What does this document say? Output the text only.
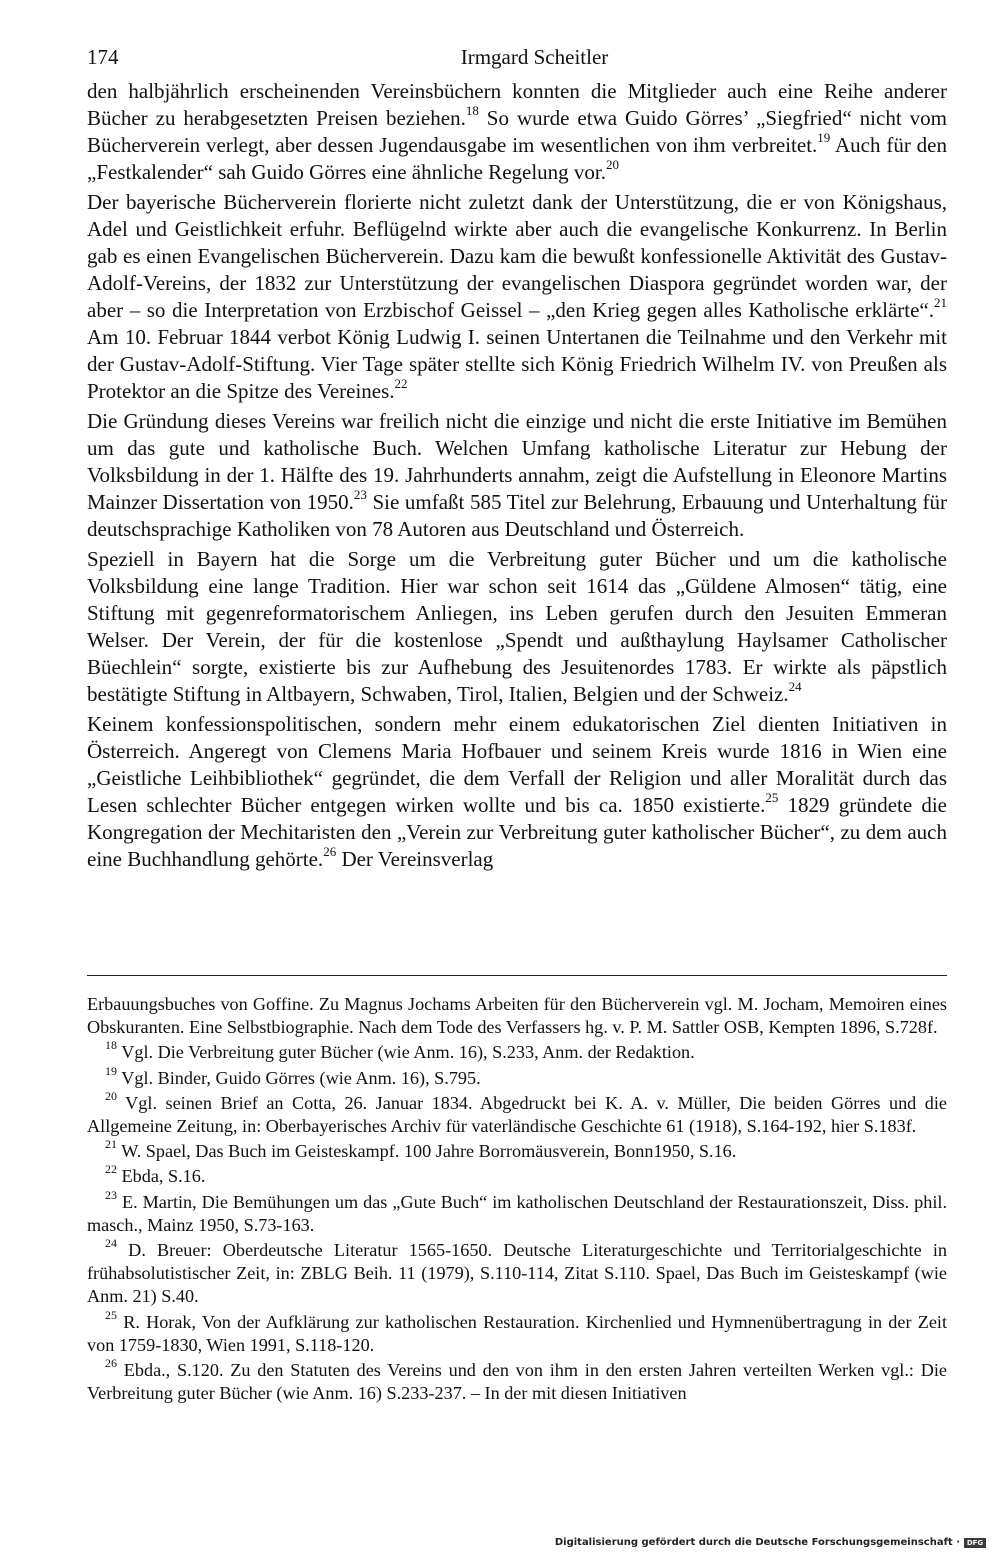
174	Irmgard Scheitler

den halbjährlich erscheinenden Vereinsbüchern konnten die Mitglieder auch eine Reihe anderer Bücher zu herabgesetzten Preisen beziehen.$^{18}$ So wurde etwa Guido Görres’ „Siegfried“ nicht vom Bücherverein verlegt, aber dessen Jugendausgabe im wesentlichen von ihm verbreitet.$^{19}$ Auch für den „Festkalender“ sah Guido Görres eine ähnliche Regelung vor.$^{20}$

Der bayerische Bücherverein florierte nicht zuletzt dank der Unterstützung, die er von Königshaus, Adel und Geistlichkeit erfuhr. Beflügelnd wirkte aber auch die evangelische Konkurrenz. In Berlin gab es einen Evangelischen Bücherverein. Dazu kam die bewußt konfessionelle Aktivität des Gustav-Adolf-Vereins, der 1832 zur Unterstützung der evangelischen Diaspora gegründet worden war, der aber – so die Interpretation von Erzbischof Geissel – „den Krieg gegen alles Katholische erklärte“.$^{21}$ Am 10. Februar 1844 verbot König Ludwig I. seinen Untertanen die Teilnahme und den Verkehr mit der Gustav-Adolf-Stiftung. Vier Tage später stellte sich König Friedrich Wilhelm IV. von Preußen als Protektor an die Spitze des Vereines.$^{22}$

Die Gründung dieses Vereins war freilich nicht die einzige und nicht die erste Initiative im Bemühen um das gute und katholische Buch. Welchen Umfang katholische Literatur zur Hebung der Volksbildung in der 1. Hälfte des 19. Jahrhunderts annahm, zeigt die Aufstellung in Eleonore Martins Mainzer Dissertation von 1950.23 Sie umfaßt 585 Titel zur Belehrung, Erbauung und Unterhaltung für deutschsprachige Katholiken von 78 Autoren aus Deutschland und Österreich.

Speziell in Bayern hat die Sorge um die Verbreitung guter Bücher und um die katholische Volksbildung eine lange Tradition. Hier war schon seit 1614 das „Güldene Almosen“ tätig, eine Stiftung mit gegenreformatorischem Anliegen, ins Leben gerufen durch den Jesuiten Emmeran Welser. Der Verein, der für die kostenlose „Spendt und außthaylung Haylsamer Catholischer Büechlein“ sorgte, existierte bis zur Aufhebung des Jesuitenordes 1783. Er wirkte als päpstlich bestätigte Stiftung in Altbayern, Schwaben, Tirol, Italien, Belgien und der Schweiz.$^{24}$

Keinem konfessionspolitischen, sondern mehr einem edukatorischen Ziel dienten Initiativen in Österreich. Angeregt von Clemens Maria Hofbauer und seinem Kreis wurde 1816 in Wien eine „Geistliche Leihbibliothek“ gegründet, die dem Verfall der Religion und aller Moralität durch das Lesen schlechter Bücher entgegen wirken wollte und bis ca. 1850 existierte.$^{25}$ 1829 gründete die Kongregation der Mechitaristen den „Verein zur Verbreitung guter katholischer Bücher“, zu dem auch eine Buchhandlung gehörte.$^{26}$ Der Vereinsverlag

Erbauungsbuches von Goffine. Zu Magnus Jochams Arbeiten für den Bücherverein vgl. M. Jocham, Memoiren eines Obskuranten. Eine Selbstbiographie. Nach dem Tode des Verfassers hg. v. P. M. Sattler OSB, Kempten 1896, S.728f.

$^{18}$ Vgl. Die Verbreitung guter Bücher (wie Anm. 16), S.233, Anm. der Redaktion.

$^{19}$ Vgl. Binder, Guido Görres (wie Anm. 16), S.795.

$^{20}$ Vgl. seinen Brief an Cotta, 26. Januar 1834. Abgedruckt bei K. A. v. Müller, Die beiden Görres und die Allgemeine Zeitung, in: Oberbayerisches Archiv für vaterländische Geschichte 61 (1918), S.164-192, hier S.183f.

$^{21}$ W. Spael, Das Buch im Geisteskampf. 100 Jahre Borromäusverein, Bonn1950, S.16.

$^{22}$ Ebda, S.16.

$^{23}$ E. Martin, Die Bemühungen um das „Gute Buch“ im katholischen Deutschland der Restaurationszeit, Diss. phil. masch., Mainz 1950, S.73-163.

$^{24}$ D. Breuer: Oberdeutsche Literatur 1565-1650. Deutsche Literaturgeschichte und Territorialgeschichte in frühabsolutistischer Zeit, in: ZBLG Beih. 11 (1979), S.110-114, Zitat S.110. Spael, Das Buch im Geisteskampf (wie Anm. 21) S.40.

$^{25}$ R. Horak, Von der Aufklärung zur katholischen Restauration. Kirchenlied und Hymnenübertragung in der Zeit von 1759-1830, Wien 1991, S.118-120.

$^{26}$ Ebda., S.120. Zu den Statuten des Vereins und den von ihm in den ersten Jahren verteilten Werken vgl.: Die Verbreitung guter Bücher (wie Anm. 16) S.233-237. – In der mit diesen Initiativen

Digitalisierung gefördert durch die Deutsche Forschungsgemeinschaft · DFG
